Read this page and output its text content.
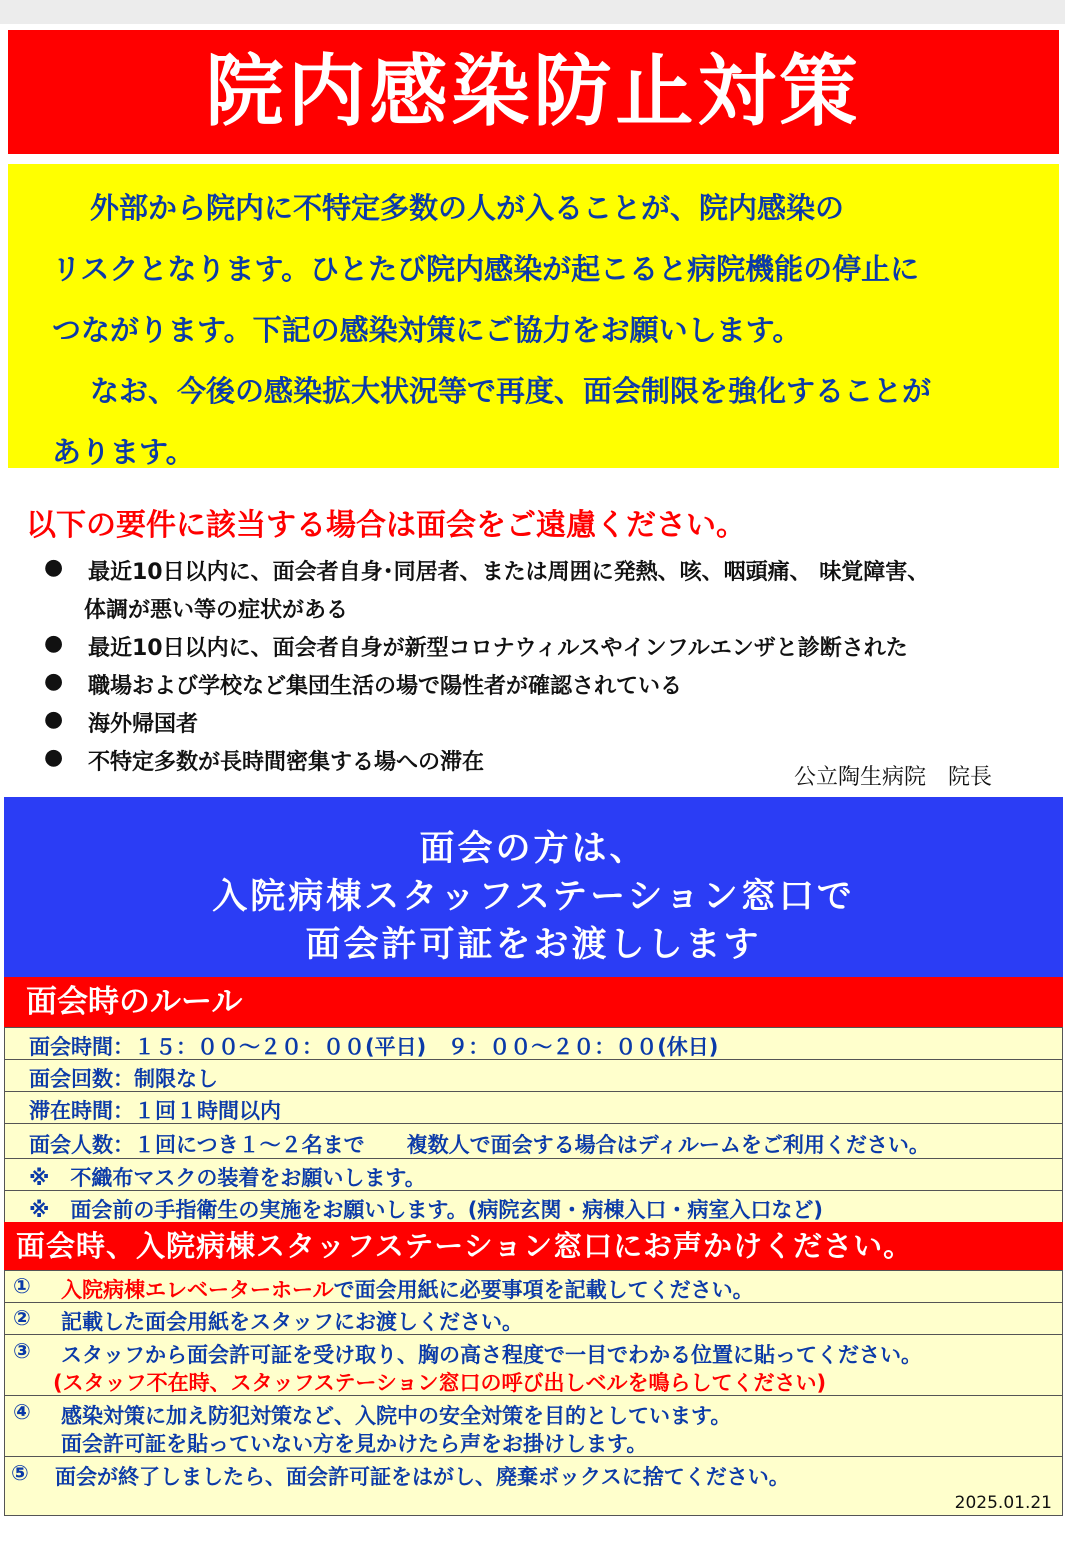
院内感染防止対策
外部から院内に不特定多数の人が入ることが、院内感染の
リスクとなります。ひとたび院内感染が起こると病院機能の停止に
つながります。下記の感染対策にご協力をお願いします。
なお、今後の感染拡大状況等で再度、面会制限を強化することが
あります。
以下の要件に該当する場合は面会をご遠慮ください。
● 最近10日以内に、面会者自身･同居者、または周囲に発熱、咳、咽頭痛、 味覚障害、
体調が悪い等の症状がある
● 最近10日以内に、面会者自身が新型コロナウィルスやインフルエンザと診断された
● 職場および学校など集団生活の場で陽性者が確認されている
● 海外帰国者
● 不特定多数が長時間密集する場への滞在
公立陶生病院　院長
面会の方は、
入院病棟スタッフステーション窓口で
面会許可証をお渡しします
面会時のルール
面会時間：１５：００～２０：００(平日)　９：００～２０：００(休日)
面会回数：制限なし
滞在時間：１回１時間以内
面会人数：１回につき１～２名まで　　複数人で面会する場合はディルームをご利用ください。
※　不織布マスクの装着をお願いします。
※　面会前の手指衛生の実施をお願いします。(病院玄関・病棟入口・病室入口など)
面会時、入院病棟スタッフステーション窓口にお声かけください。
① 入院病棟エレベーターホールで面会用紙に必要事項を記載してください。
② 記載した面会用紙をスタッフにお渡しください。
③ スタッフから面会許可証を受け取り、胸の高さ程度で一目でわかる位置に貼ってください。
(スタッフ不在時、スタッフステーション窓口の呼び出しベルを鳴らしてください)
④ 感染対策に加え防犯対策など、入院中の安全対策を目的としています。
面会許可証を貼っていない方を見かけたら声をお掛けします。
⑤ 面会が終了しましたら、面会許可証をはがし、廃棄ボックスに捨てください。
2025.01.21
